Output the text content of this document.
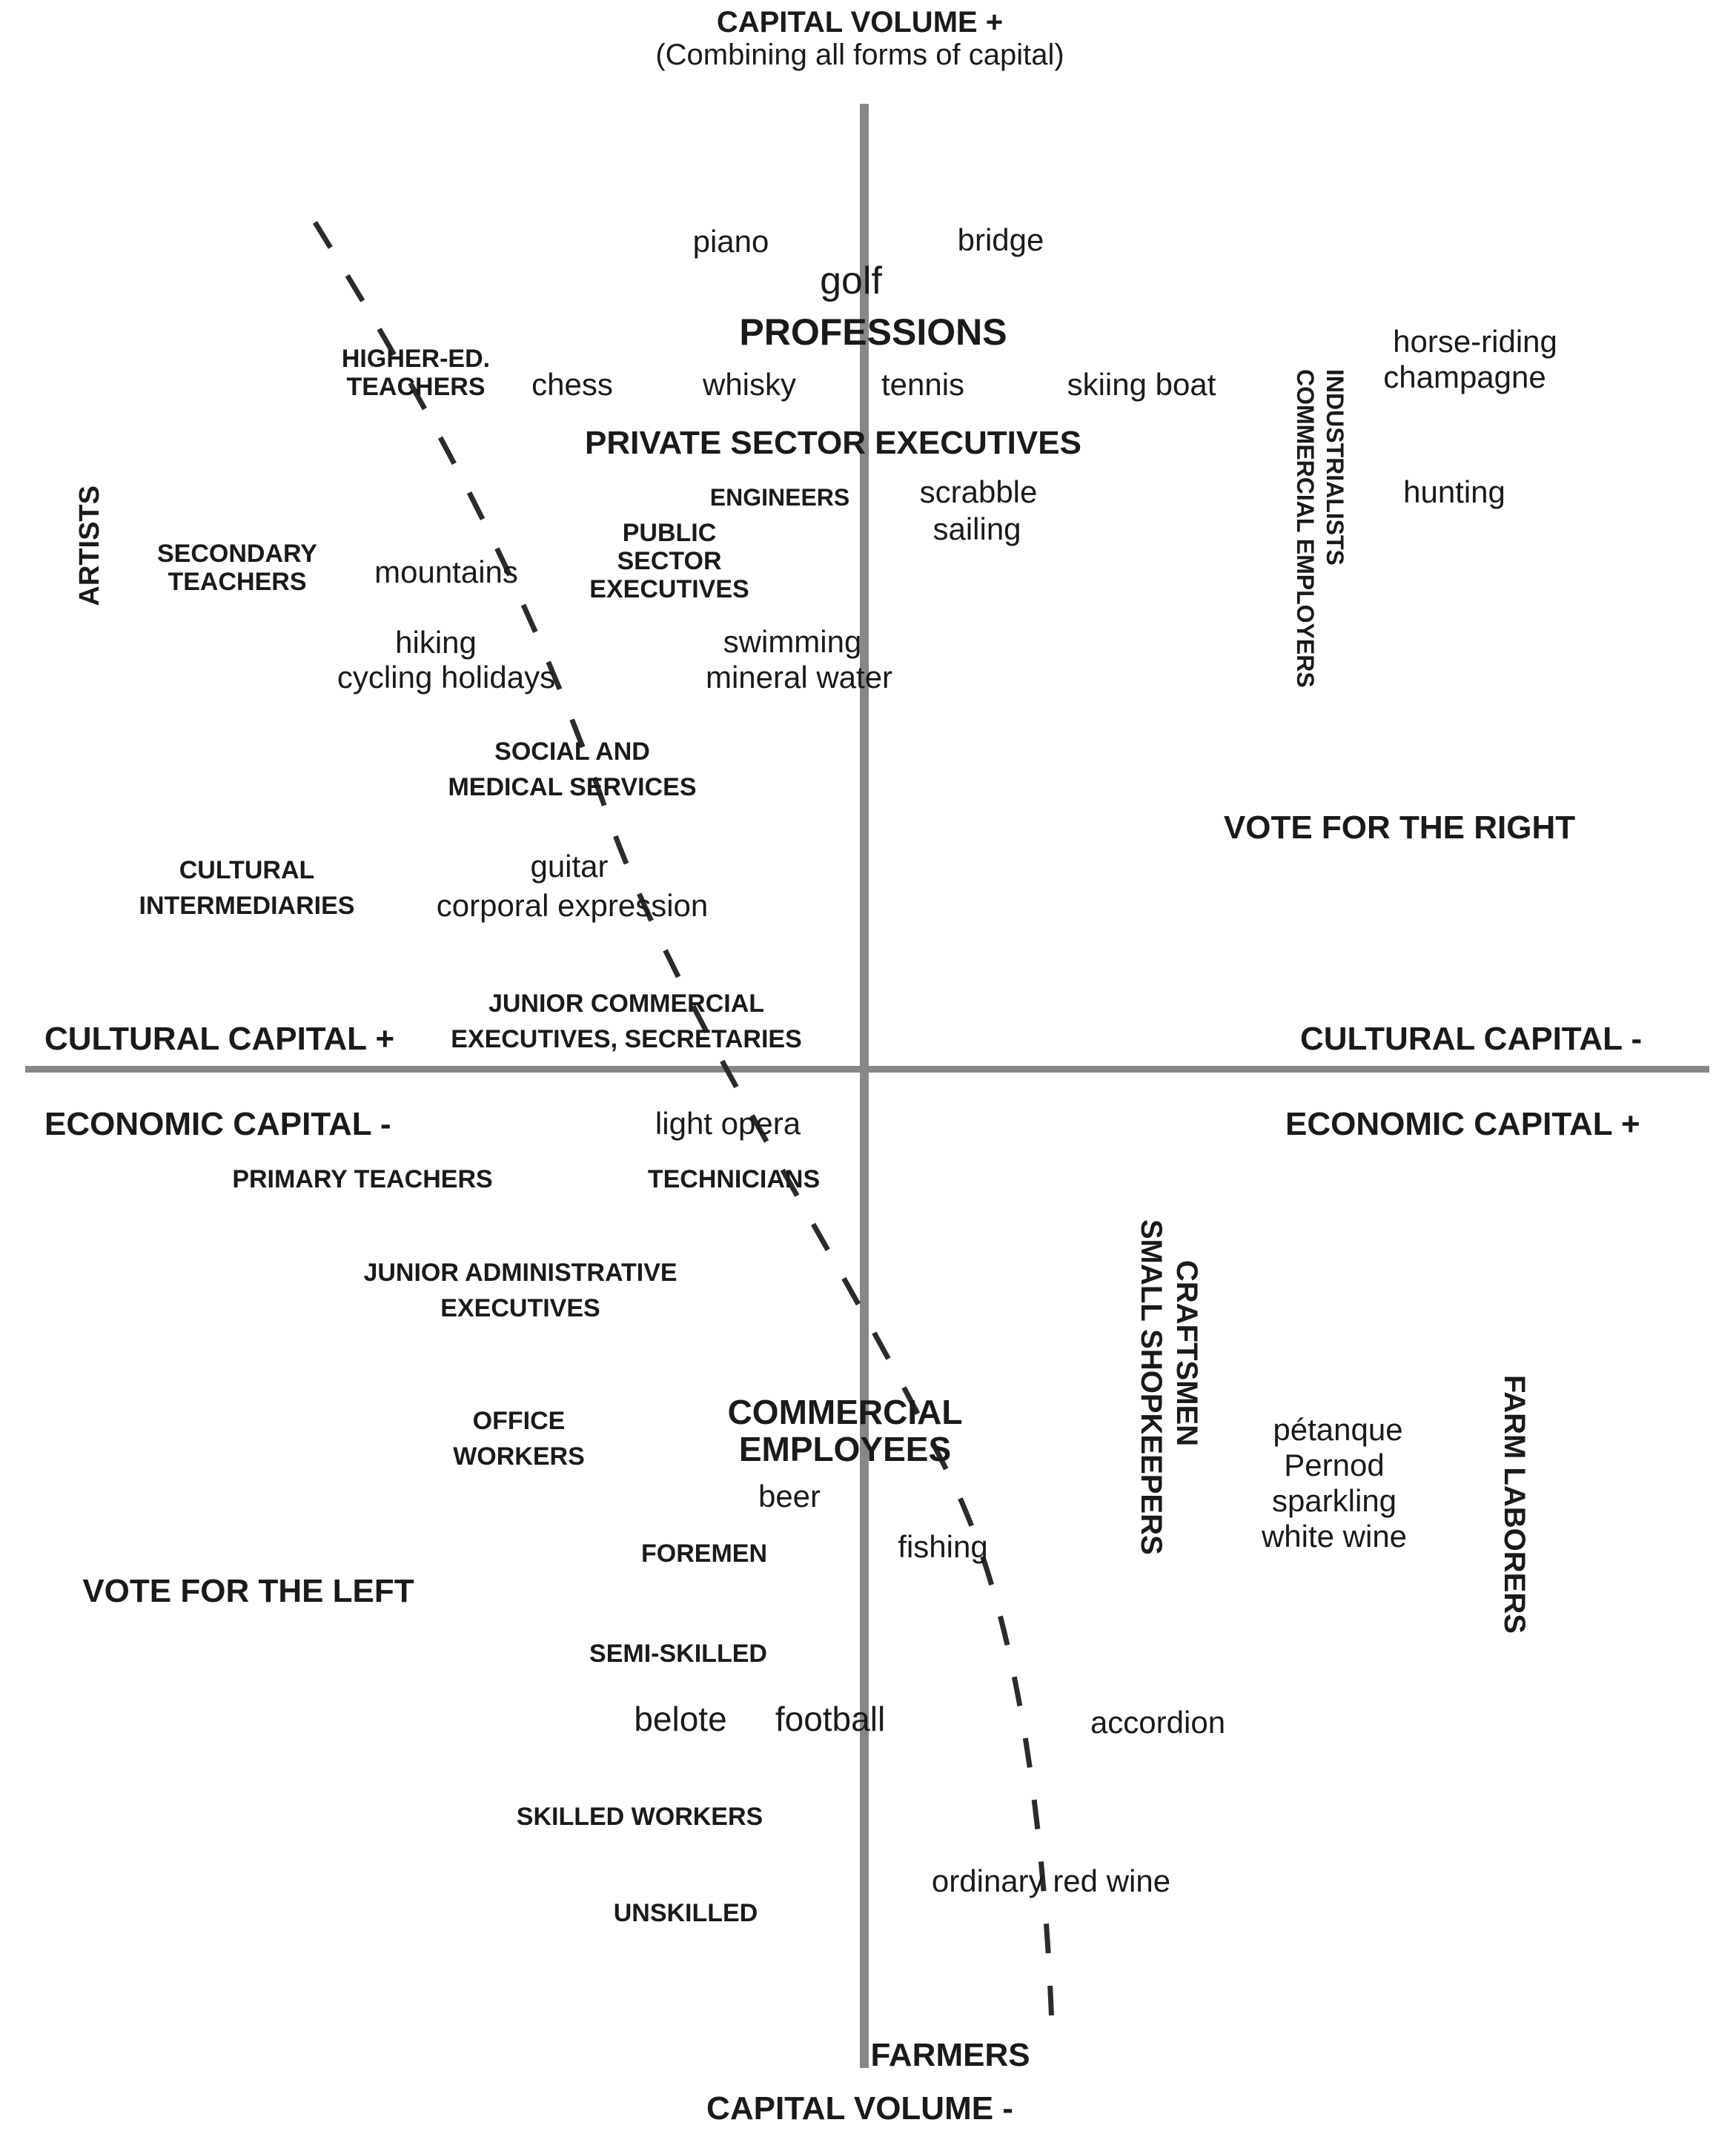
CAPITAL VOLUME +
(Combining all forms of capital)
ARTISTS
piano	bridge
golf
PROFESSIONS
HIGHER-ED.
TEACHERS chess	whisky	tennis	skiing boat
horse-riding
champagne
PRIVATE SECTOR EXECUTIVES
ENGINEERS scrabble
sailing
hunting
COMMERCIAL EMPLOYERS INDUSTRIALISTS
PUBLIC
SECTOR
EXECUTIVES
SECONDARY
TEACHERS mountains
hiking	swimming
cycling holidays	mineral water
SOCIAL AND
MEDICAL SERVICES
VOTE FOR THE RIGHT
guitar
CULTURAL
INTERMEDIARIES	corporal expression
JUNIOR COMMERCIAL
EXECUTIVES, SECRETARIES
CULTURAL CAPITAL +	CULTURAL CAPITAL -
ECONOMIC CAPITAL -	ECONOMIC CAPITAL +
light opera
PRIMARY TEACHERS	TECHNICIANS
JUNIOR ADMINISTRATIVE
EXECUTIVES	SMALL SHOPKEEPERS CRAFTSMEN
FARM LABORERS
OFFICE
WORKERS
COMMERCIAL
EMPLOYEES
pétanque
Pernod
beer	sparkling
white wine
FOREMEN	fishing
VOTE FOR THE LEFT
SEMI-SKILLED
belote football	accordion
SKILLED WORKERS
ordinary red wine
UNSKILLED
FARMERS
CAPITAL VOLUME -
